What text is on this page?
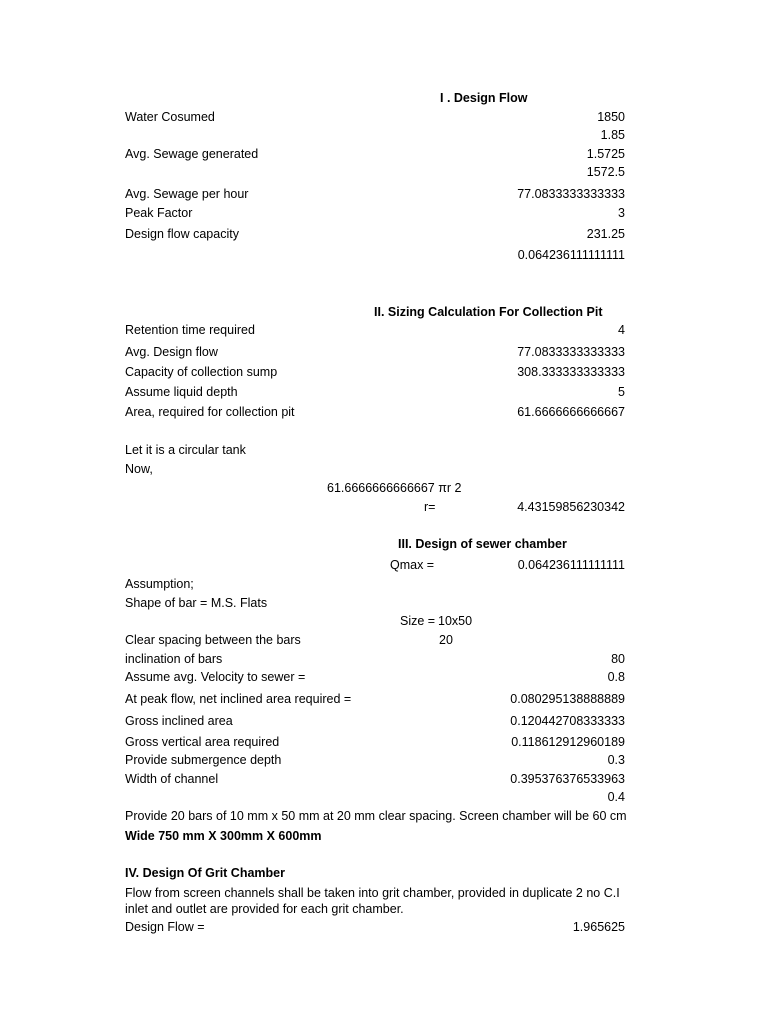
I . Design Flow
Water Cosumed	1850
1.85
Avg. Sewage generated	1.5725
1572.5
Avg. Sewage per hour	77.0833333333333
Peak Factor	3
Design flow capacity	231.25
0.064236111111111
II. Sizing Calculation For Collection Pit
Retention time required	4
Avg. Design flow	77.0833333333333
Capacity of collection sump	308.333333333333
Assume liquid depth	5
Area, required for collection pit	61.6666666666667
Let it is a circular tank
Now,
61.6666666666667 πr 2
r=	4.43159856230342
III. Design of sewer chamber
Qmax =	0.064236111111111
Assumption;
Shape of bar = M.S. Flats
Size = 10x50
Clear spacing between the bars	20
inclination of bars	80
Assume avg. Velocity to sewer =	0.8
At peak flow, net inclined area required =	0.080295138888889
Gross inclined area	0.120442708333333
Gross vertical area required	0.118612912960189
Provide submergence depth	0.3
Width of channel	0.395376376533963
0.4
Provide 20 bars of 10 mm x 50 mm at 20 mm clear spacing. Screen chamber will be 60 cm
Wide 750 mm X 300mm X 600mm
IV. Design Of Grit Chamber
Flow from screen channels shall be taken into grit chamber, provided in duplicate 2 no C.I
inlet and outlet are provided for each grit chamber.
Design Flow =	1.965625
